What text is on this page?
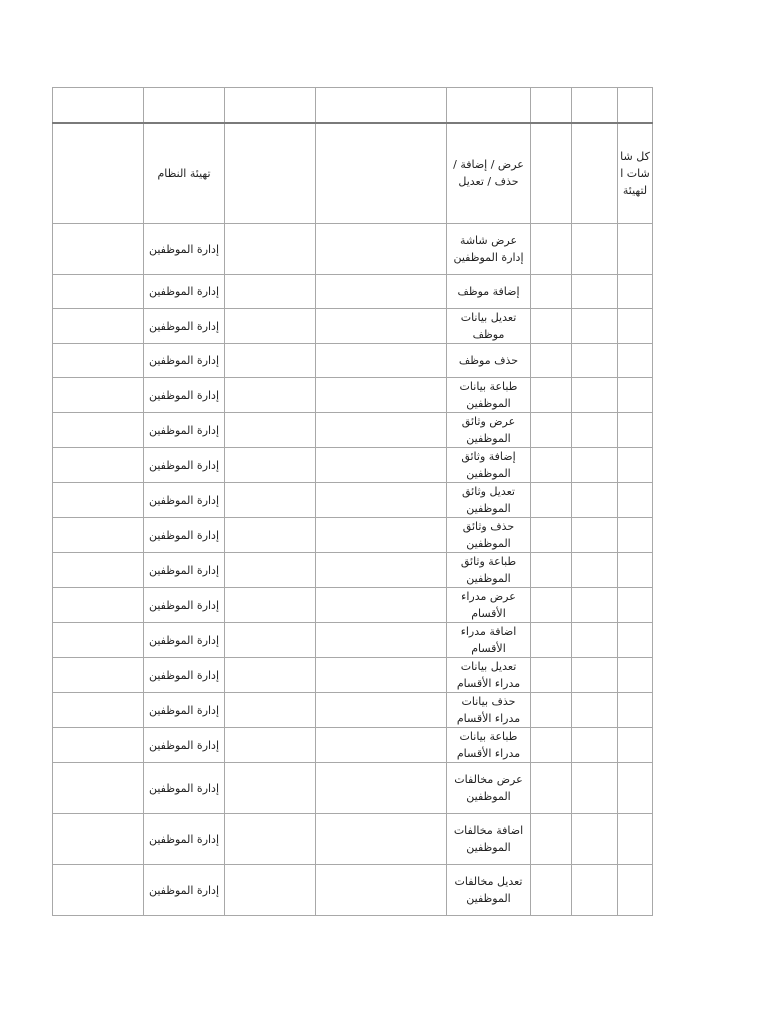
	تهيئة النظام			عرض / إضافة / حذف / تعديل			كل شاشات التهيئة

	إدارة الموظفين			عرض شاشة إدارة الموظفين			

	إدارة الموظفين			إضافة موظف			

	إدارة الموظفين			تعديل بيانات موظف			

	إدارة الموظفين			حذف موظف			

	إدارة الموظفين			طباعة بيانات الموظفين			

	إدارة الموظفين			عرض وثائق الموظفين			

	إدارة الموظفين			إضافة وثائق الموظفين			

	إدارة الموظفين			تعديل وثائق الموظفين			

	إدارة الموظفين			حذف وثائق الموظفين			

	إدارة الموظفين			طباعة وثائق الموظفين			

	إدارة الموظفين			عرض مدراء الأقسام			

	إدارة الموظفين			اضافة مدراء الأقسام			

	إدارة الموظفين			تعديل بيانات مدراء الأقسام			

	إدارة الموظفين			حذف بيانات مدراء الأقسام			

	إدارة الموظفين			طباعة بيانات مدراء الأقسام			

	إدارة الموظفين			عرض مخالفات الموظفين			

	إدارة الموظفين			اضافة مخالفات الموظفين			

	إدارة الموظفين			تعديل مخالفات الموظفين			
